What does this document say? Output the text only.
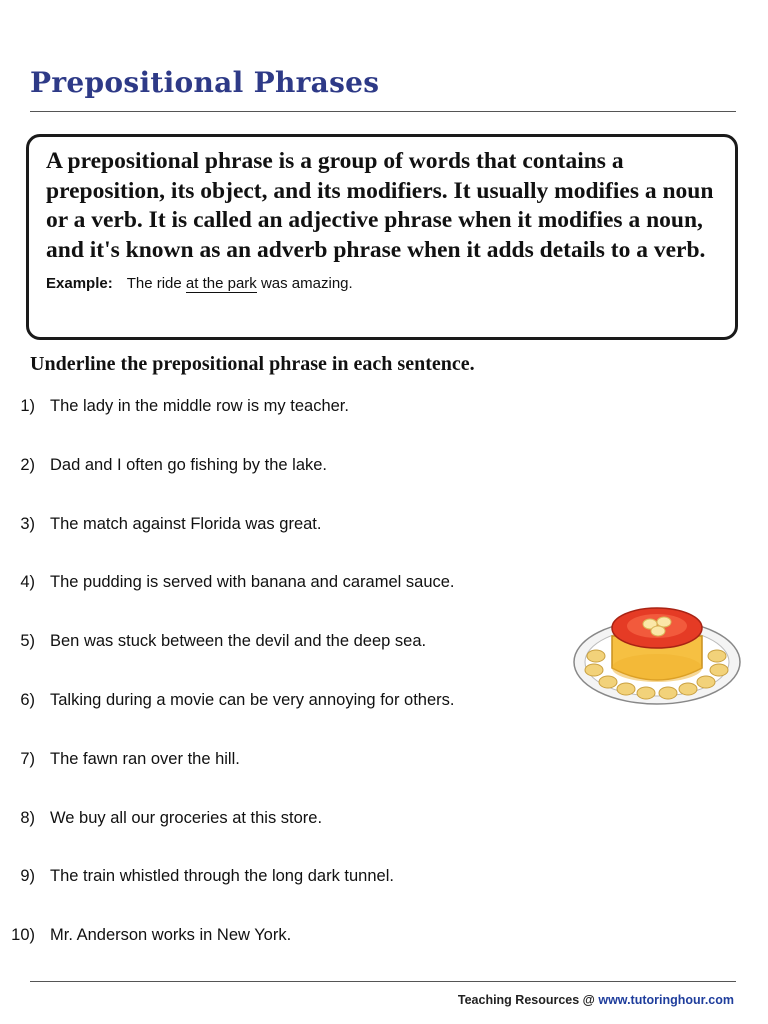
Prepositional Phrases

A prepositional phrase is a group of words that contains a preposition, its object, and its modifiers. It usually modifies a noun or a verb. It is called an adjective phrase when it modifies a noun, and it's known as an adverb phrase when it adds details to a verb.

Example: The ride at the park was amazing.

Underline the prepositional phrase in each sentence.

1) The lady in the middle row is my teacher.
2) Dad and I often go fishing by the lake.
3) The match against Florida was great.
4) The pudding is served with banana and caramel sauce.
5) Ben was stuck between the devil and the deep sea.
6) Talking during a movie can be very annoying for others.
7) The fawn ran over the hill.
8) We buy all our groceries at this store.
9) The train whistled through the long dark tunnel.
10) Mr. Anderson works in New York.
Teaching Resources @ www.tutoringhour.com
